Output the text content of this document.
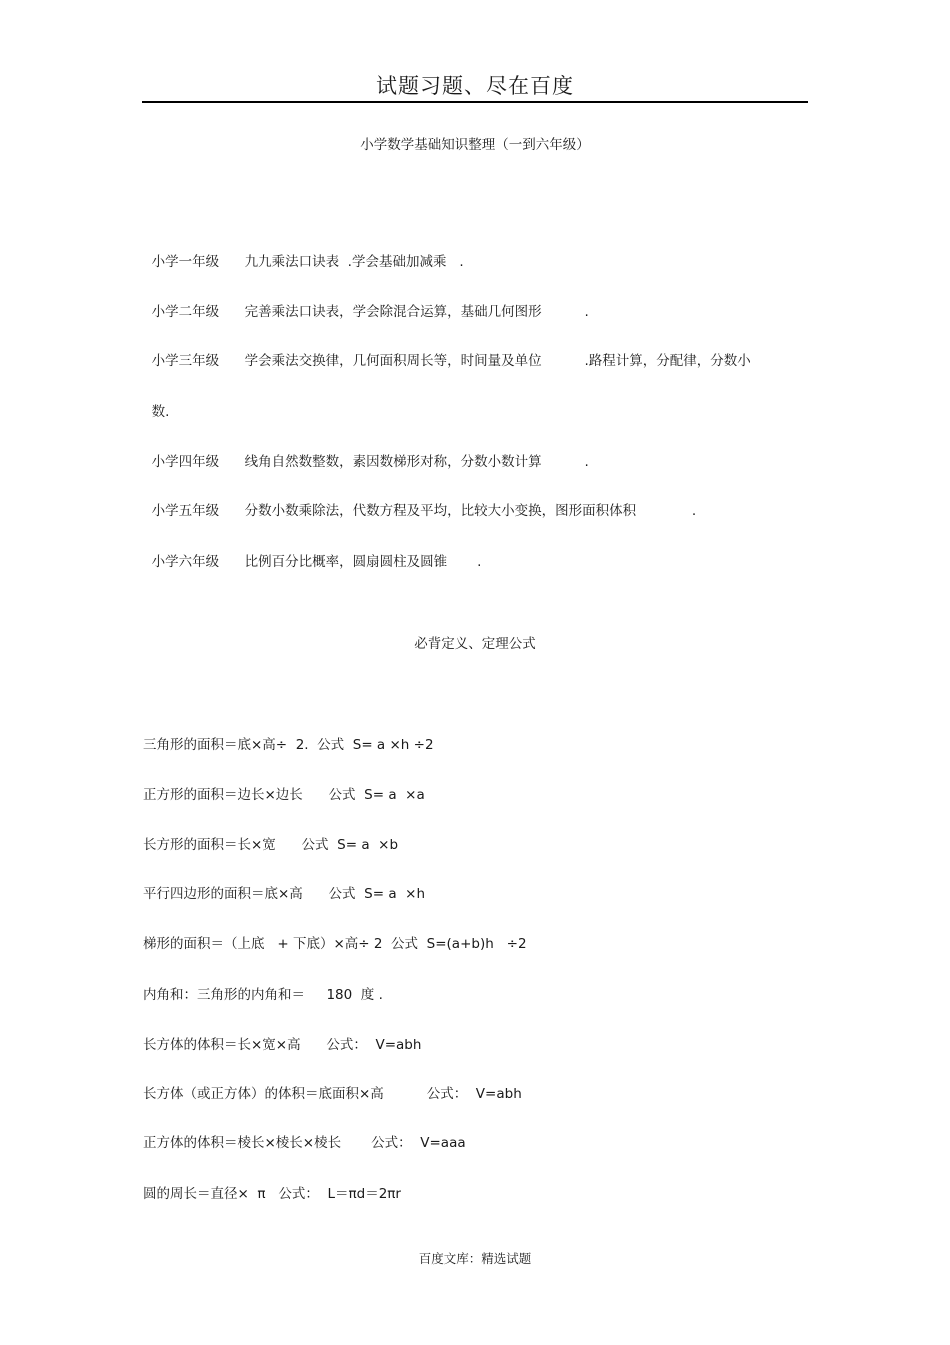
试题习题、尽在百度
小学数学基础知识整理（一到六年级）

小学一年级 九九乘法口诀表  .学会基础加减乘   .

小学二年级 完善乘法口诀表，学会除混合运算，基础几何图形          .

小学三年级 学会乘法交换律，几何面积周长等，时间量及单位          .路程计算，分配律，分数小

数.

小学四年级 线角自然数整数，素因数梯形对称，分数小数计算          .

小学五年级 分数小数乘除法，代数方程及平均，比较大小变换，图形面积体积             .

小学六年级 比例百分比概率，圆扇圆柱及圆锥       .

必背定义、定理公式
三角形的面积＝底×高÷  2.  公式  S= a ×h ÷2
正方形的面积＝边长×边长      公式  S= a  ×a
长方形的面积＝长×宽      公式  S= a  ×b
平行四边形的面积＝底×高      公式  S= a  ×h
梯形的面积＝（上底   + 下底）×高÷ 2  公式  S=(a+b)h   ÷2
内角和：三角形的内角和＝     180  度 .
长方体的体积＝长×宽×高      公式：  V=abh
长方体（或正方体）的体积＝底面积×高          公式：  V=abh
正方体的体积＝棱长×棱长×棱长       公式：  V=aaa
圆的周长＝直径×  π   公式：  L＝πd＝2πr
百度文库：精选试题
